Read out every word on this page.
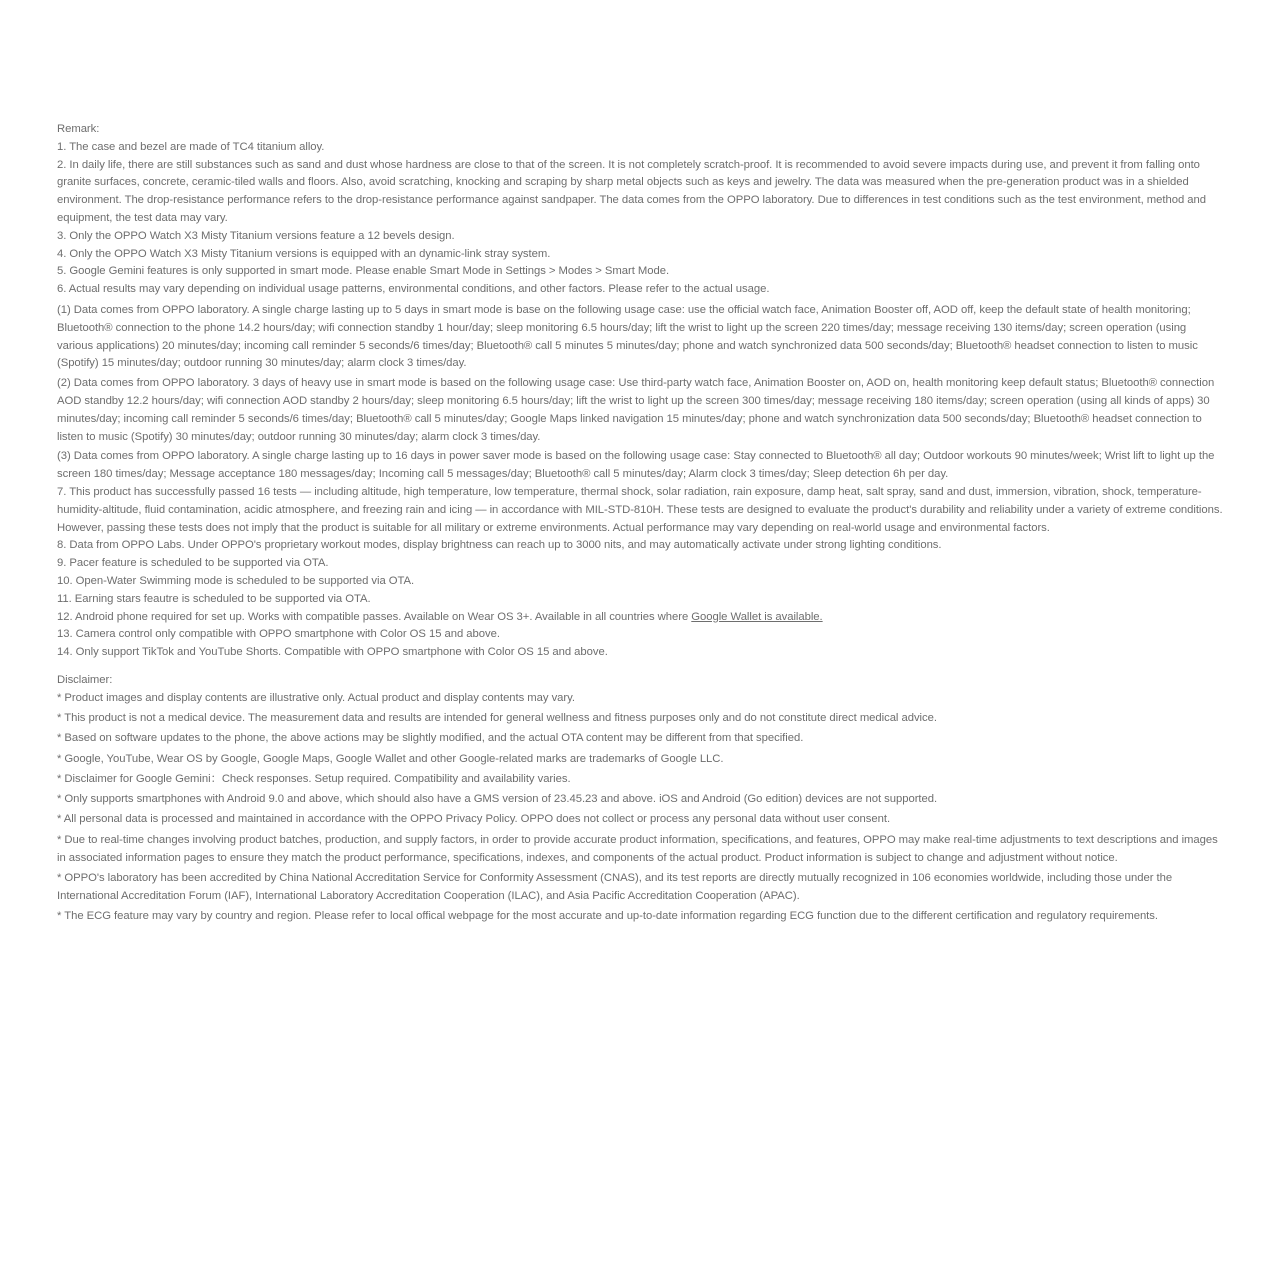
Remark:

1. The case and bezel are made of TC4 titanium alloy.

2. In daily life, there are still substances such as sand and dust whose hardness are close to that of the screen. It is not completely scratch-proof. It is recommended to avoid severe impacts during use, and prevent it from falling onto granite surfaces, concrete, ceramic-tiled walls and floors. Also, avoid scratching, knocking and scraping by sharp metal objects such as keys and jewelry. The data was measured when the pre-generation product was in a shielded environment. The drop-resistance performance refers to the drop-resistance performance against sandpaper. The data comes from the OPPO laboratory. Due to differences in test conditions such as the test environment, method and equipment, the test data may vary.

3. Only the OPPO Watch X3 Misty Titanium versions feature a 12 bevels design.

4. Only the OPPO Watch X3 Misty Titanium versions is equipped with an dynamic-link stray system.

5. Google Gemini features is only supported in smart mode. Please enable Smart Mode in Settings > Modes > Smart Mode.

6. Actual results may vary depending on individual usage patterns, environmental conditions, and other factors. Please refer to the actual usage.

(1) Data comes from OPPO laboratory. A single charge lasting up to 5 days in smart mode is base on the following usage case: use the official watch face, Animation Booster off, AOD off, keep the default state of health monitoring; Bluetooth® connection to the phone 14.2 hours/day; wifi connection standby 1 hour/day; sleep monitoring 6.5 hours/day; lift the wrist to light up the screen 220 times/day; message receiving 130 items/day; screen operation (using various applications) 20 minutes/day; incoming call reminder 5 seconds/6 times/day; Bluetooth® call 5 minutes 5 minutes/day; phone and watch synchronized data 500 seconds/day; Bluetooth® headset connection to listen to music (Spotify) 15 minutes/day; outdoor running 30 minutes/day; alarm clock 3 times/day.

(2) Data comes from OPPO laboratory. 3 days of heavy use in smart mode is based on the following usage case: Use third-party watch face, Animation Booster on, AOD on, health monitoring keep default status; Bluetooth® connection AOD standby 12.2 hours/day; wifi connection AOD standby 2 hours/day; sleep monitoring 6.5 hours/day; lift the wrist to light up the screen 300 times/day; message receiving 180 items/day; screen operation (using all kinds of apps) 30 minutes/day; incoming call reminder 5 seconds/6 times/day; Bluetooth® call 5 minutes/day; Google Maps linked navigation 15 minutes/day; phone and watch synchronization data 500 seconds/day; Bluetooth® headset connection to listen to music (Spotify) 30 minutes/day; outdoor running 30 minutes/day; alarm clock 3 times/day.

(3) Data comes from OPPO laboratory. A single charge lasting up to 16 days in power saver mode is based on the following usage case: Stay connected to Bluetooth® all day; Outdoor workouts 90 minutes/week; Wrist lift to light up the screen 180 times/day; Message acceptance 180 messages/day; Incoming call 5 messages/day; Bluetooth® call 5 minutes/day; Alarm clock 3 times/day; Sleep detection 6h per day.

7. This product has successfully passed 16 tests — including altitude, high temperature, low temperature, thermal shock, solar radiation, rain exposure, damp heat, salt spray, sand and dust, immersion, vibration, shock, temperature-humidity-altitude, fluid contamination, acidic atmosphere, and freezing rain and icing — in accordance with MIL-STD-810H. These tests are designed to evaluate the product's durability and reliability under a variety of extreme conditions. However, passing these tests does not imply that the product is suitable for all military or extreme environments. Actual performance may vary depending on real-world usage and environmental factors.

8. Data from OPPO Labs. Under OPPO's proprietary workout modes, display brightness can reach up to 3000 nits, and may automatically activate under strong lighting conditions.

9. Pacer feature is scheduled to be supported via OTA.

10. Open-Water Swimming mode is scheduled to be supported via OTA.

11. Earning stars feautre is scheduled to be supported via OTA.

12. Android phone required for set up. Works with compatible passes. Available on Wear OS 3+. Available in all countries where Google Wallet is available.

13. Camera control only compatible with OPPO smartphone with Color OS 15 and above.

14. Only support TikTok and YouTube Shorts. Compatible with OPPO smartphone with Color OS 15 and above.

Disclaimer:

* Product images and display contents are illustrative only. Actual product and display contents may vary.

* This product is not a medical device. The measurement data and results are intended for general wellness and fitness purposes only and do not constitute direct medical advice.

* Based on software updates to the phone, the above actions may be slightly modified, and the actual OTA content may be different from that specified.

* Google, YouTube, Wear OS by Google, Google Maps, Google Wallet and other Google-related marks are trademarks of Google LLC.

* Disclaimer for Google Gemini：Check responses. Setup required. Compatibility and availability varies.

* Only supports smartphones with Android 9.0 and above, which should also have a GMS version of 23.45.23 and above. iOS and Android (Go edition) devices are not supported.

* All personal data is processed and maintained in accordance with the OPPO Privacy Policy. OPPO does not collect or process any personal data without user consent.

* Due to real-time changes involving product batches, production, and supply factors, in order to provide accurate product information, specifications, and features, OPPO may make real-time adjustments to text descriptions and images in associated information pages to ensure they match the product performance, specifications, indexes, and components of the actual product. Product information is subject to change and adjustment without notice.

* OPPO's laboratory has been accredited by China National Accreditation Service for Conformity Assessment (CNAS), and its test reports are directly mutually recognized in 106 economies worldwide, including those under the International Accreditation Forum (IAF), International Laboratory Accreditation Cooperation (ILAC), and Asia Pacific Accreditation Cooperation (APAC).

* The ECG feature may vary by country and region. Please refer to local offical webpage for the most accurate and up-to-date information regarding ECG function due to the different certification and regulatory requirements.
